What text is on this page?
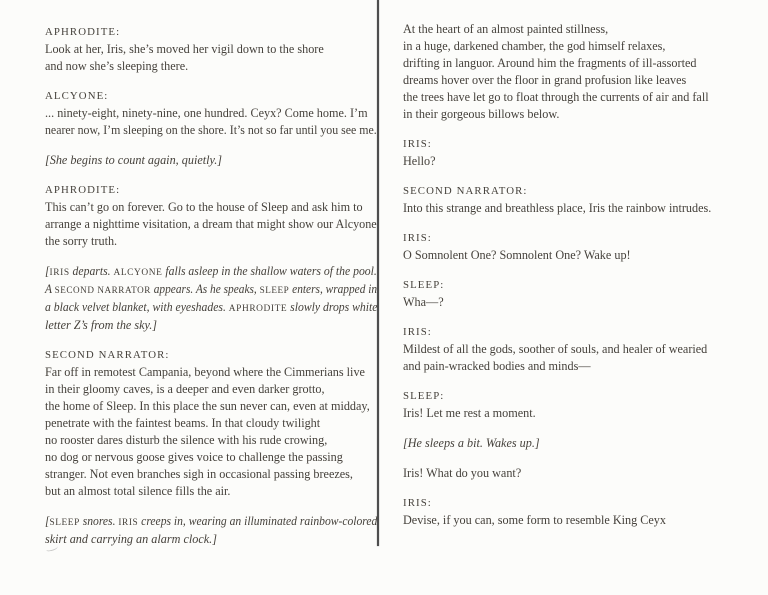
APHRODITE:
Look at her, Iris, she’s moved her vigil down to the shore
and now she’s sleeping there.
ALCYONE:
... ninety-eight, ninety-nine, one hundred. Ceyx? Come home. I’m
nearer now, I’m sleeping on the shore. It’s not so far until you see me.
[She begins to count again, quietly.]
APHRODITE:
This can’t go on forever. Go to the house of Sleep and ask him to
arrange a nighttime visitation, a dream that might show our Alcyone
the sorry truth.
[IRIS departs. ALCYONE falls asleep in the shallow waters of the pool.
A SECOND NARRATOR appears. As he speaks, SLEEP enters, wrapped in
a black velvet blanket, with eyeshades. APHRODITE slowly drops white
letter Z’s from the sky.]
SECOND NARRATOR:
Far off in remotest Campania, beyond where the Cimmerians live
in their gloomy caves, is a deeper and even darker grotto,
the home of Sleep. In this place the sun never can, even at midday,
penetrate with the faintest beams. In that cloudy twilight
no rooster dares disturb the silence with his rude crowing,
no dog or nervous goose gives voice to challenge the passing
stranger. Not even branches sigh in occasional passing breezes,
but an almost total silence fills the air.
[SLEEP snores. IRIS creeps in, wearing an illuminated rainbow-colored
skirt and carrying an alarm clock.]
At the heart of an almost painted stillness,
in a huge, darkened chamber, the god himself relaxes,
drifting in languor. Around him the fragments of ill-assorted
dreams hover over the floor in grand profusion like leaves
the trees have let go to float through the currents of air and fall
in their gorgeous billows below.
IRIS:
Hello?
SECOND NARRATOR:
Into this strange and breathless place, Iris the rainbow intrudes.
IRIS:
O Somnolent One? Somnolent One? Wake up!
SLEEP:
Wha—?
IRIS:
Mildest of all the gods, soother of souls, and healer of wearied
and pain-wracked bodies and minds—
SLEEP:
Iris! Let me rest a moment.
[He sleeps a bit. Wakes up.]
Iris! What do you want?
IRIS:
Devise, if you can, some form to resemble King Ceyx
